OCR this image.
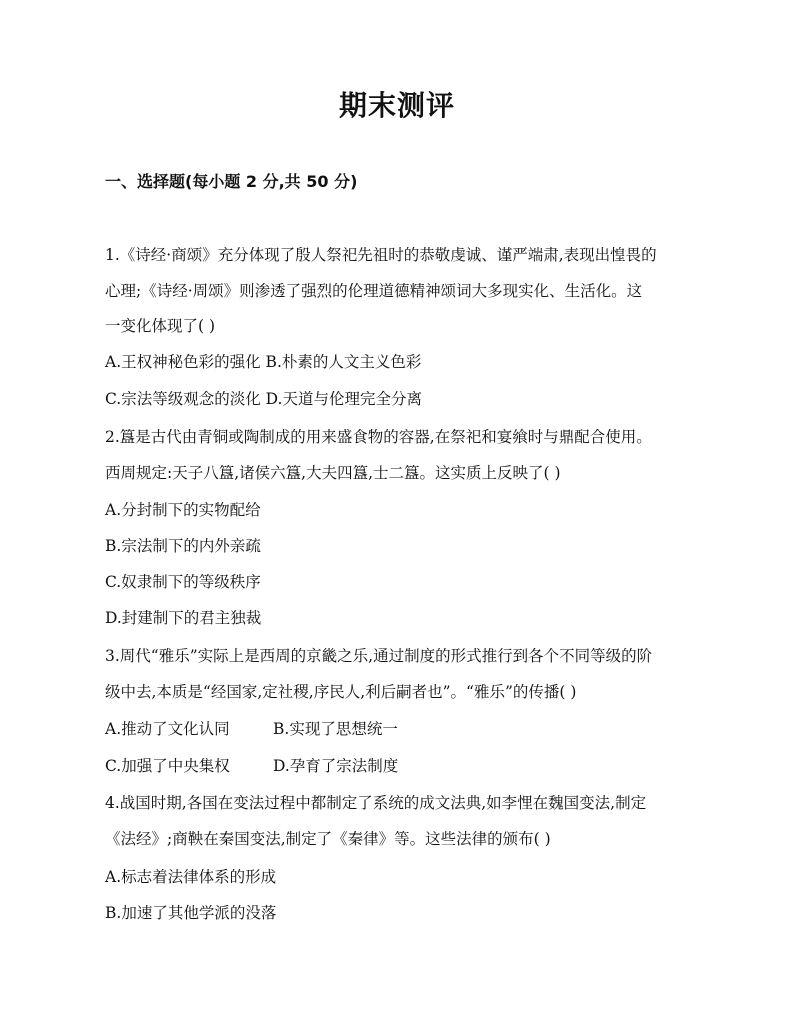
期末测评
一、选择题(每小题 2 分,共 50 分)
1.《诗经·商颂》充分体现了殷人祭祀先祖时的恭敬虔诚、谨严端肃,表现出惶畏的
心理;《诗经·周颂》则渗透了强烈的伦理道德精神颂词大多现实化、生活化。这
一变化体现了( )
A.王权神秘色彩的强化 B.朴素的人文主义色彩
C.宗法等级观念的淡化 D.天道与伦理完全分离
2.簋是古代由青铜或陶制成的用来盛食物的容器,在祭祀和宴飨时与鼎配合使用。
西周规定:天子八簋,诸侯六簋,大夫四簋,士二簋。这实质上反映了( )
A.分封制下的实物配给
B.宗法制下的内外亲疏
C.奴隶制下的等级秩序
D.封建制下的君主独裁
3.周代“雅乐”实际上是西周的京畿之乐,通过制度的形式推行到各个不同等级的阶
级中去,本质是“经国家,定社稷,序民人,利后嗣者也”。“雅乐”的传播( )
A.推动了文化认同	B.实现了思想统一
C.加强了中央集权	D.孕育了宗法制度
4.战国时期,各国在变法过程中都制定了系统的成文法典,如李悝在魏国变法,制定
《法经》;商鞅在秦国变法,制定了《秦律》等。这些法律的颁布( )
A.标志着法律体系的形成
B.加速了其他学派的没落
